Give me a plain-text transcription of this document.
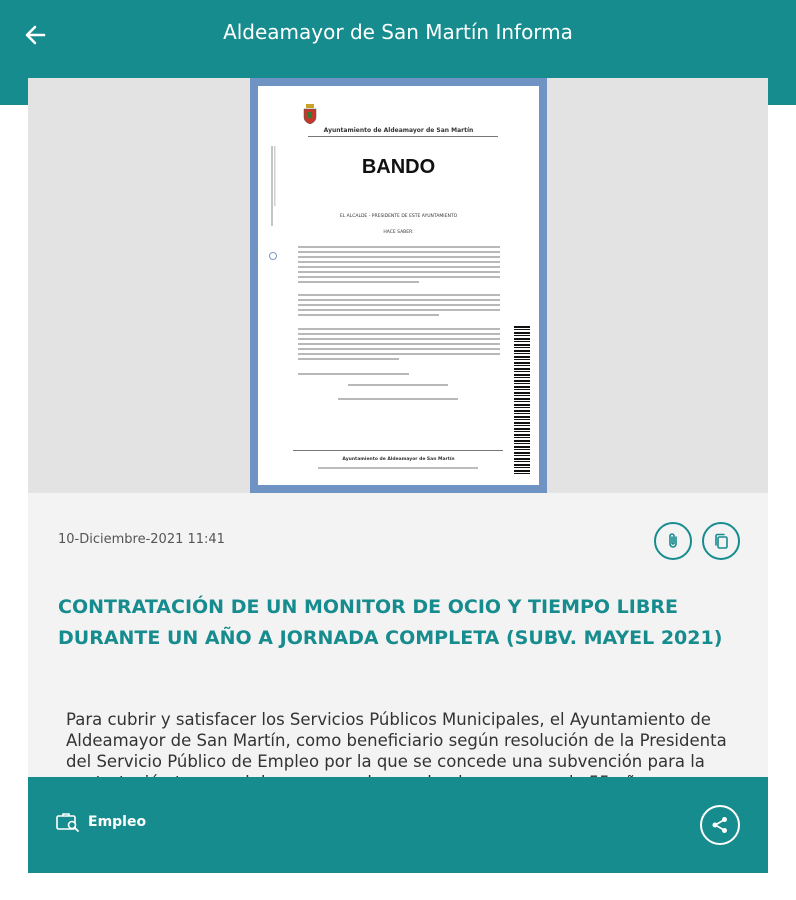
Aldeamayor de San Martín Informa
Ayuntamiento de Aldeamayor de San Martín
BANDO
EL ALCALDE - PRESIDENTE DE ESTE AYUNTAMIENTO
HACE SABER:
Ayuntamiento de Aldeamayor de San Martín
10-Diciembre-2021 11:41
CONTRATACIÓN DE UN MONITOR DE OCIO Y TIEMPO LIBRE DURANTE UN AÑO A JORNADA COMPLETA (SUBV. MAYEL 2021)
Para cubrir y satisfacer los Servicios Públicos Municipales, el Ayuntamiento de Aldeamayor de San Martín, como beneficiario según resolución de la Presidenta del Servicio Público de Empleo por la que se concede una subvención para la
Empleo
